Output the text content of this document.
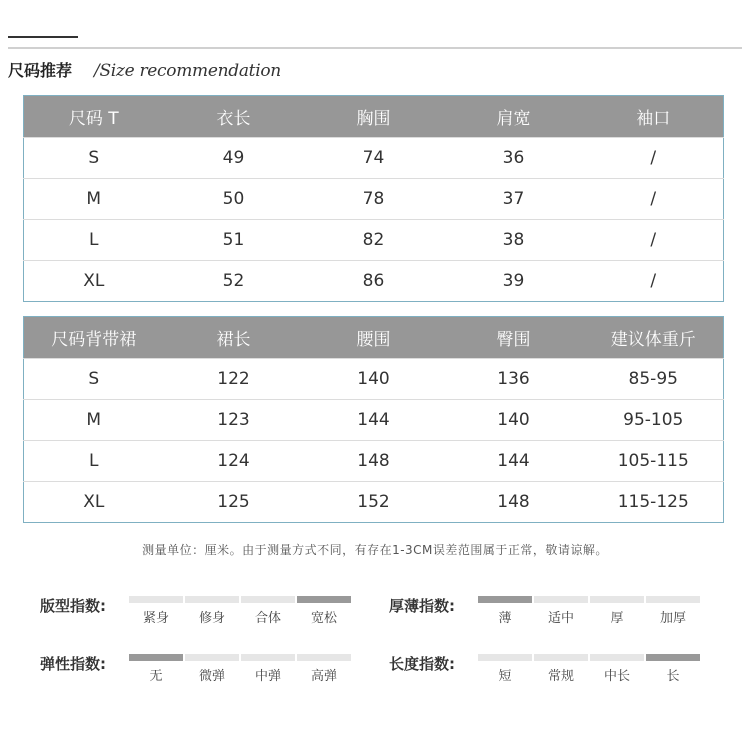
尺码推荐 /Size recommendation
尺码 T	衣长	胸围	肩宽	袖口
S	49	74	36	/
M	50	78	37	/
L	51	82	38	/
XL	52	86	39	/
尺码背带裙	裙长	腰围	臀围	建议体重斤
S	122	140	136	85-95
M	123	144	140	95-105
L	124	148	144	105-115
XL	125	152	148	115-125
测量单位：厘米。由于测量方式不同，有存在1-3CM误差范围属于正常，敬请谅解。
版型指数:
紧身 修身 合体 宽松
厚薄指数:
薄	适中	厚	加厚
弹性指数:
无	微弹 中弹 高弹
长度指数:
短	常规 中长	长
